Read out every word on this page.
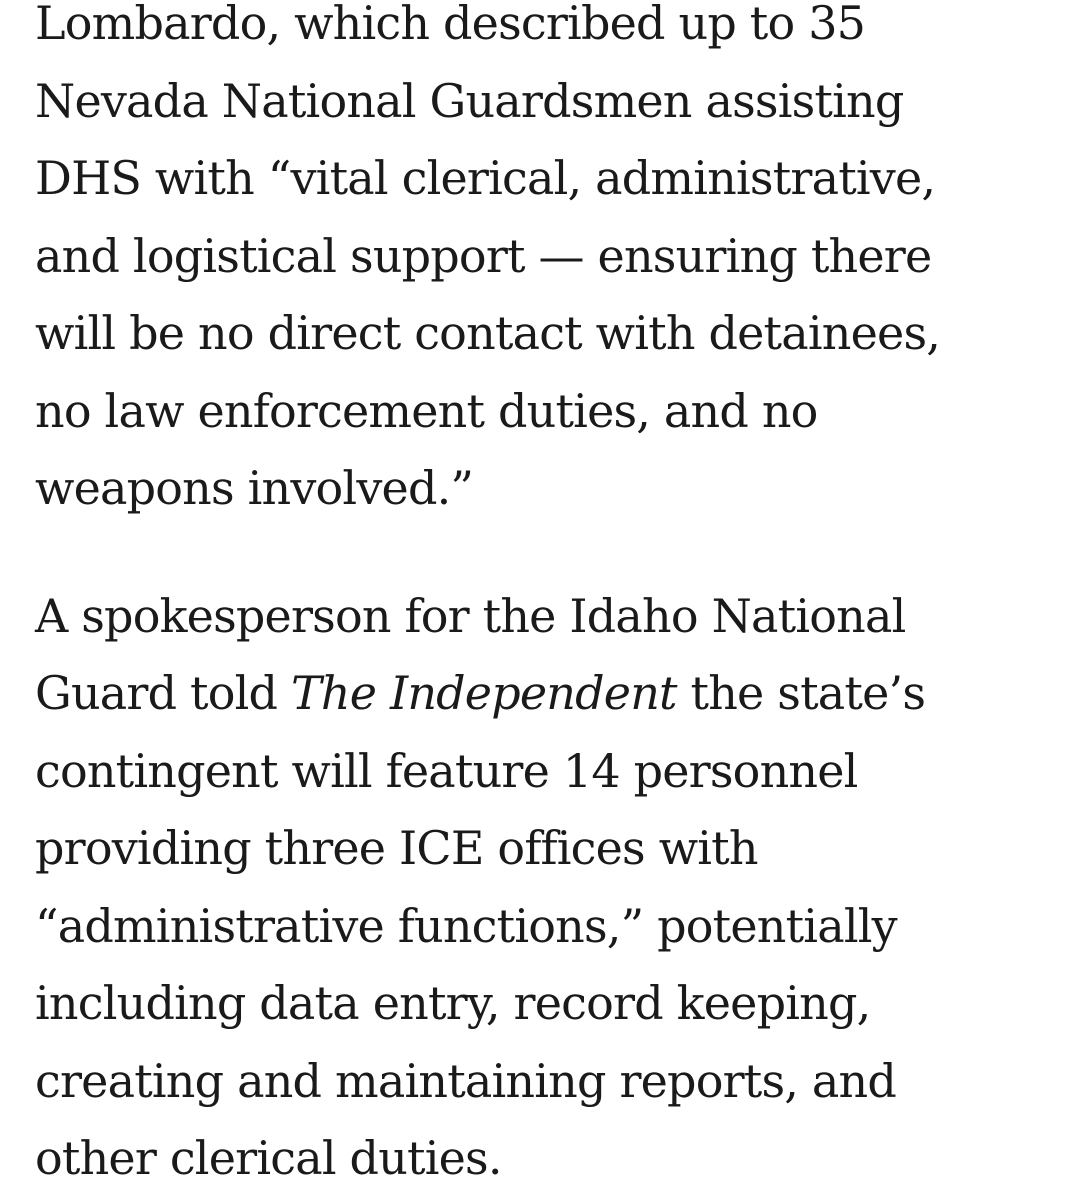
Lombardo, which described up to 35
Nevada National Guardsmen assisting
DHS with “vital clerical, administrative,
and logistical support — ensuring there
will be no direct contact with detainees,
no law enforcement duties, and no
weapons involved.”

A spokesperson for the Idaho National
Guard told The Independent the state’s
contingent will feature 14 personnel
providing three ICE offices with
“administrative functions,” potentially
including data entry, record keeping,
creating and maintaining reports, and
other clerical duties.
